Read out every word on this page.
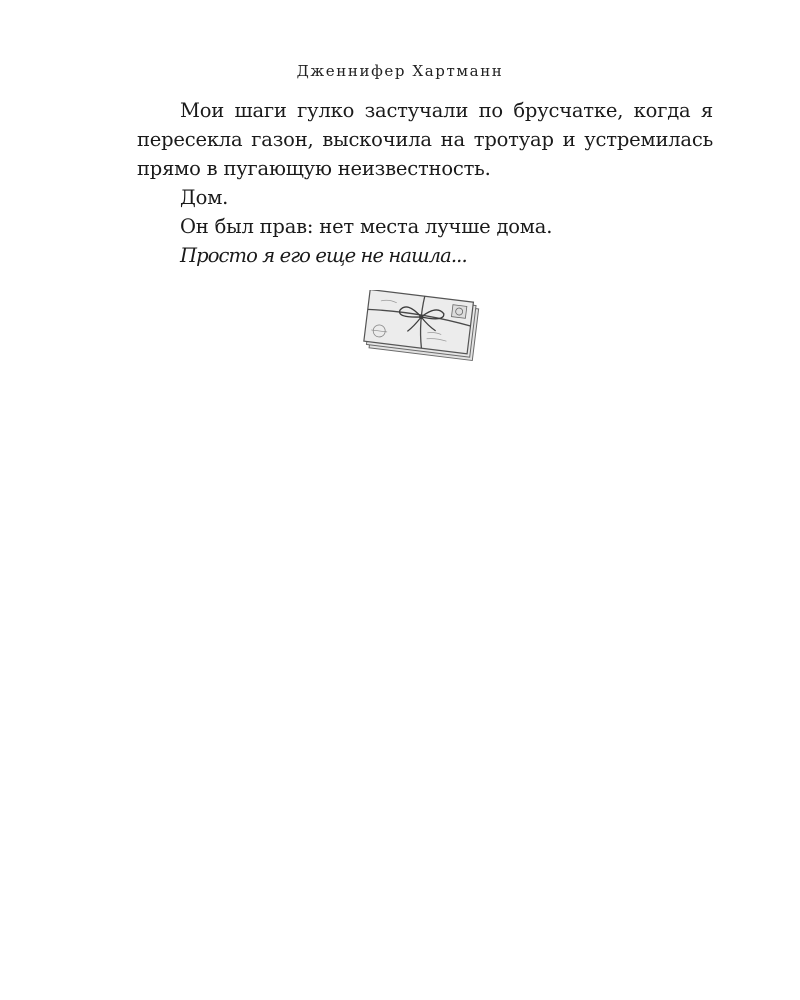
Дженнифер Хартманн

Мои шаги гулко застучали по брусчатке, когда я пересекла газон, выскочила на тротуар и устремилась прямо в пугающую неизвестность.

Дом.

Он был прав: нет места лучше дома.

Просто я его еще не нашла...
